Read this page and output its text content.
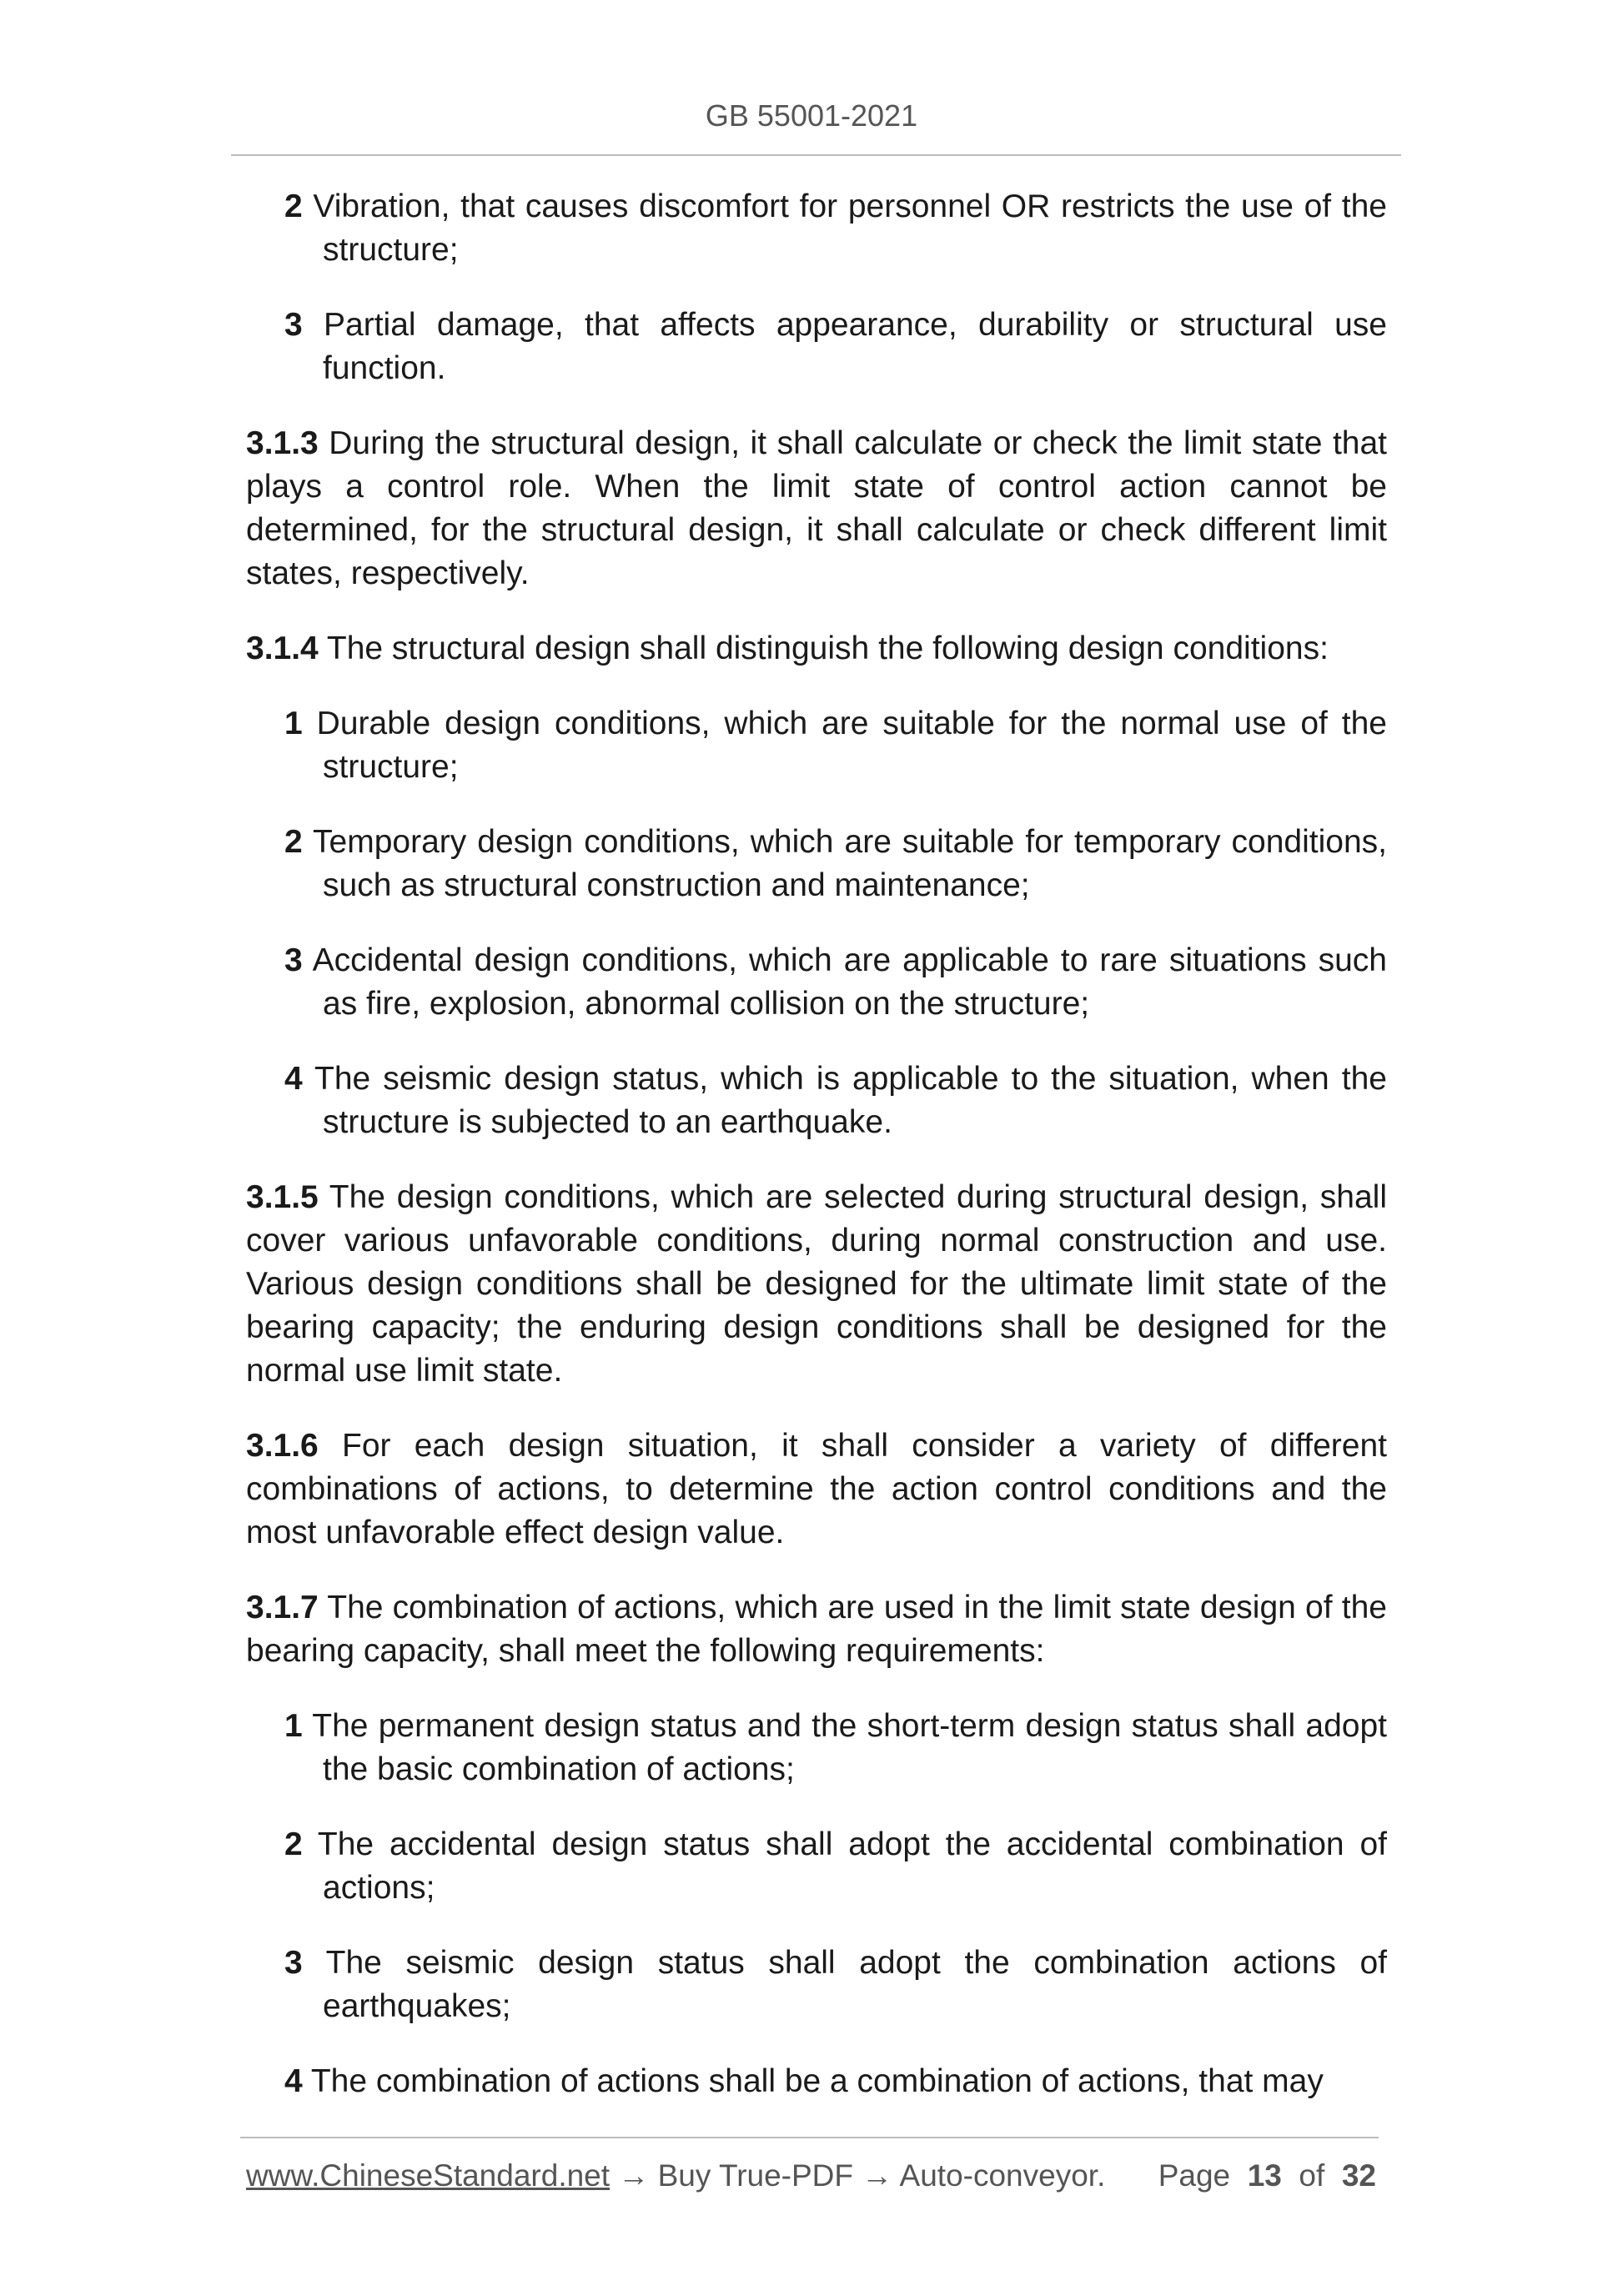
GB 55001-2021

2 Vibration, that causes discomfort for personnel OR restricts the use of the structure;

3 Partial damage, that affects appearance, durability or structural use function.

3.1.3 During the structural design, it shall calculate or check the limit state that plays a control role. When the limit state of control action cannot be determined, for the structural design, it shall calculate or check different limit states, respectively.

3.1.4 The structural design shall distinguish the following design conditions:

1 Durable design conditions, which are suitable for the normal use of the structure;

2 Temporary design conditions, which are suitable for temporary conditions, such as structural construction and maintenance;

3 Accidental design conditions, which are applicable to rare situations such as fire, explosion, abnormal collision on the structure;

4 The seismic design status, which is applicable to the situation, when the structure is subjected to an earthquake.

3.1.5 The design conditions, which are selected during structural design, shall cover various unfavorable conditions, during normal construction and use. Various design conditions shall be designed for the ultimate limit state of the bearing capacity; the enduring design conditions shall be designed for the normal use limit state.

3.1.6 For each design situation, it shall consider a variety of different combinations of actions, to determine the action control conditions and the most unfavorable effect design value.

3.1.7 The combination of actions, which are used in the limit state design of the bearing capacity, shall meet the following requirements:

1 The permanent design status and the short-term design status shall adopt the basic combination of actions;

2 The accidental design status shall adopt the accidental combination of actions;

3 The seismic design status shall adopt the combination actions of earthquakes;

4 The combination of actions shall be a combination of actions, that may

www.ChineseStandard.net → Buy True-PDF → Auto-conveyor. Page 13 of 32
